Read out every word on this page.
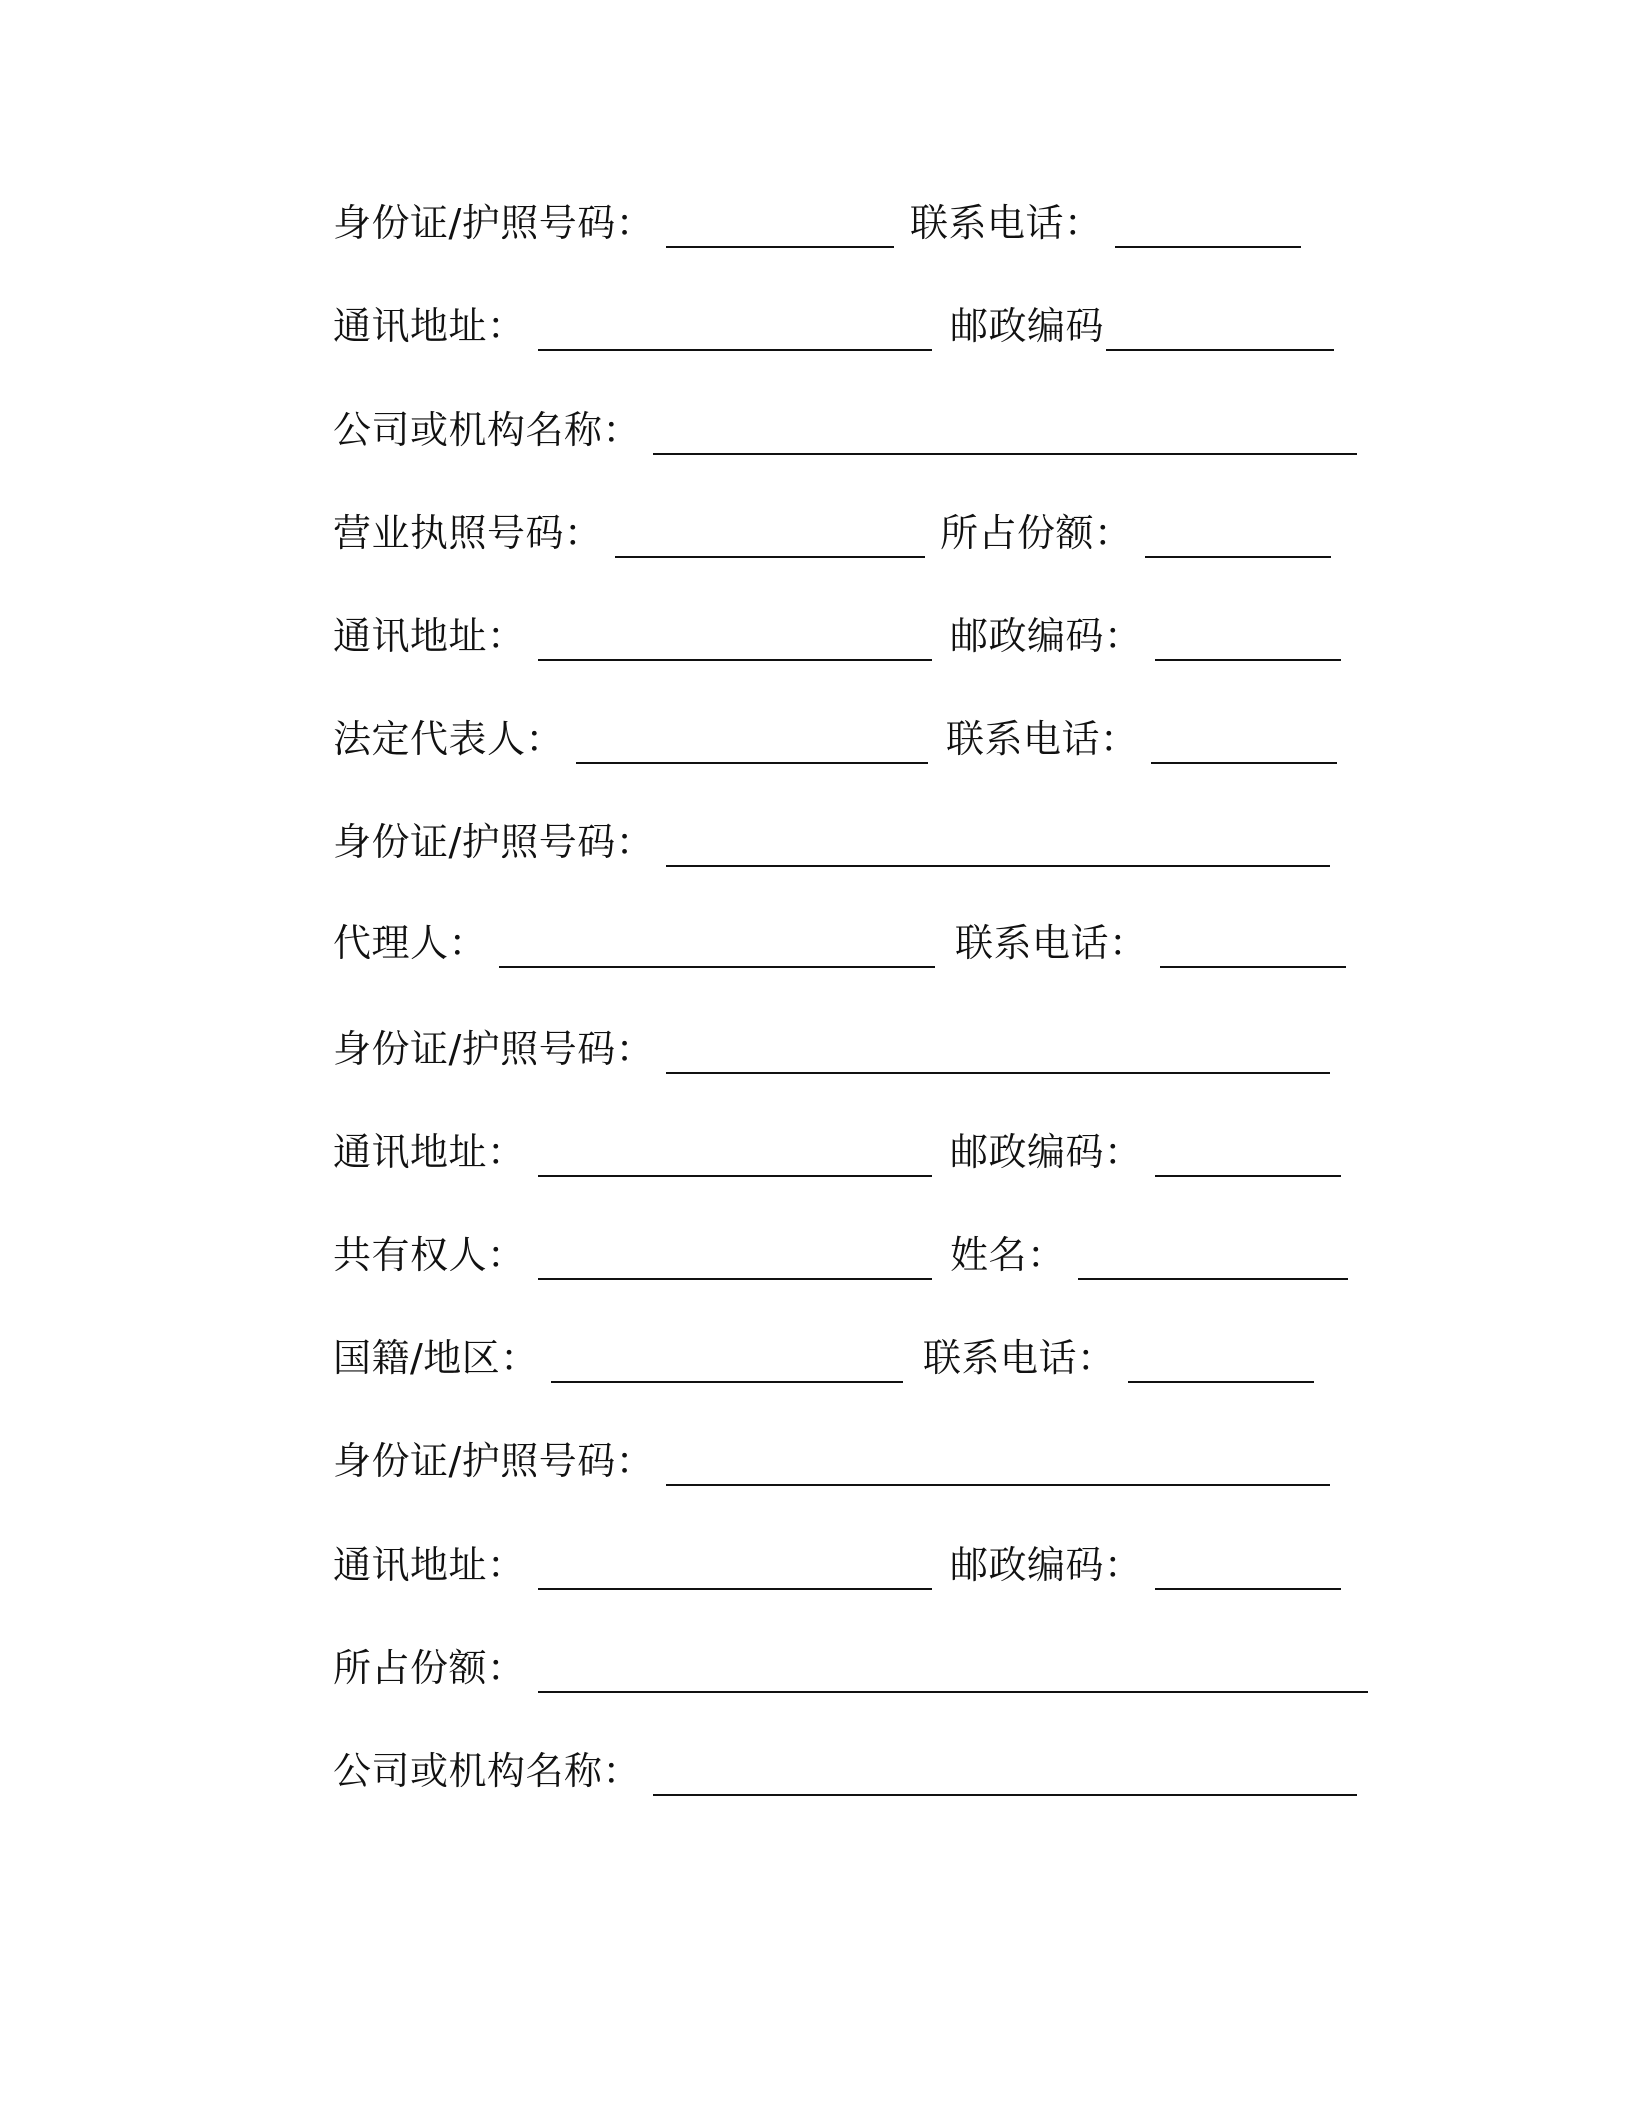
身份证/护照号码：	联系电话：
通讯地址：	邮政编码
公司或机构名称：
营业执照号码：	所占份额：
通讯地址：	邮政编码：
法定代表人：	联系电话：
身份证/护照号码：
代理人：	联系电话：
身份证/护照号码：
通讯地址：	邮政编码：
共有权人：	姓名：
国籍/地区：	联系电话：
身份证/护照号码：
通讯地址：	邮政编码：
所占份额：
公司或机构名称：
